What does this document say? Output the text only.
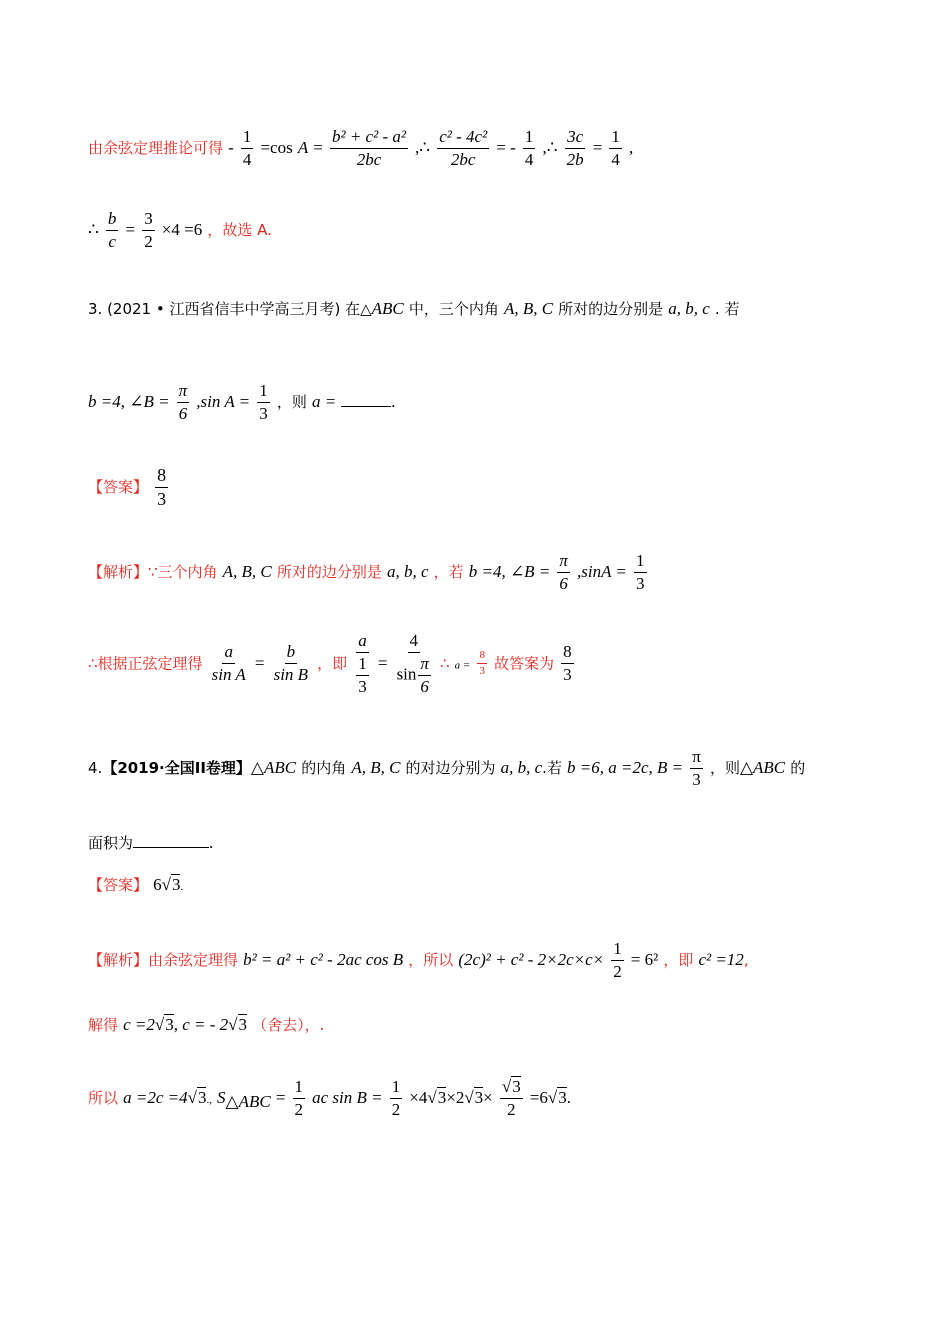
由余弦定理推论可得 - $\frac{1}{4} =\cos$ $A = \frac{\text{b² + c² - a²}}{2bc}$ ,∴ $\frac{\text{c² - 4c²}}{2bc}$ = - $\frac{1}{4}$ ,∴ $\frac{3c}{2b} = \frac{1}{4}$ ,
∴ $\frac{b}{c} = \frac{3}{2} \times 4 =6$ ，故选 A.
3. (2021 • 江西省信丰中学高三月考) 在△ABC 中，三个内角 A, B, C 所对的边分别是 a, b, c . 若
b =4, ∠B = $\frac{\pi}{6} ,\sin$ $A = \frac{1}{3}$ ，则 a =	.
【答案】 $\frac{8}{3}$
【解析】∵三个内角 A, B, C 所对的边分别是 a, b, c ，若 b =4, ∠B = $\frac{\pi}{6} ,\sin A = \frac{1}{3}$
∴根据正弦定理得 $\frac{a}{\text{sin A}} = \frac{b}{\text{sin B}}$ ，即 $\frac{a}{\frac{1}{3}} = \frac{4}{\sin \frac{\pi}{6}}$ ∴ $a = \frac{8}{3}$ 故答案为 $\frac{8}{3}$
4.【2019·全国II卷理】△ABC 的内角 A, B, C 的对边分别为 a, b, c.若 b =6, a =2c, $B = \frac{\pi}{3}$ ，则△ABC 的
面积为	.
【答案】 6√3.
【解析】由余弦定理得 b² = a² + c² - 2ac cos B ，所以 $(2c)^2 + c^2 - 2\times 2c\times c\times \frac{1}{2} = 6^2$ ，即 c² =12,
解得 c =2√3, c = - 2√3 （舍去），.
所以 a =2c =4√3., $S_{\triangle ABC} = \frac{1}{2}$ ac $\sin B = \frac{1}{2} \times 4√3\times 2√3\times \frac{√3}{2} =6√3$.
